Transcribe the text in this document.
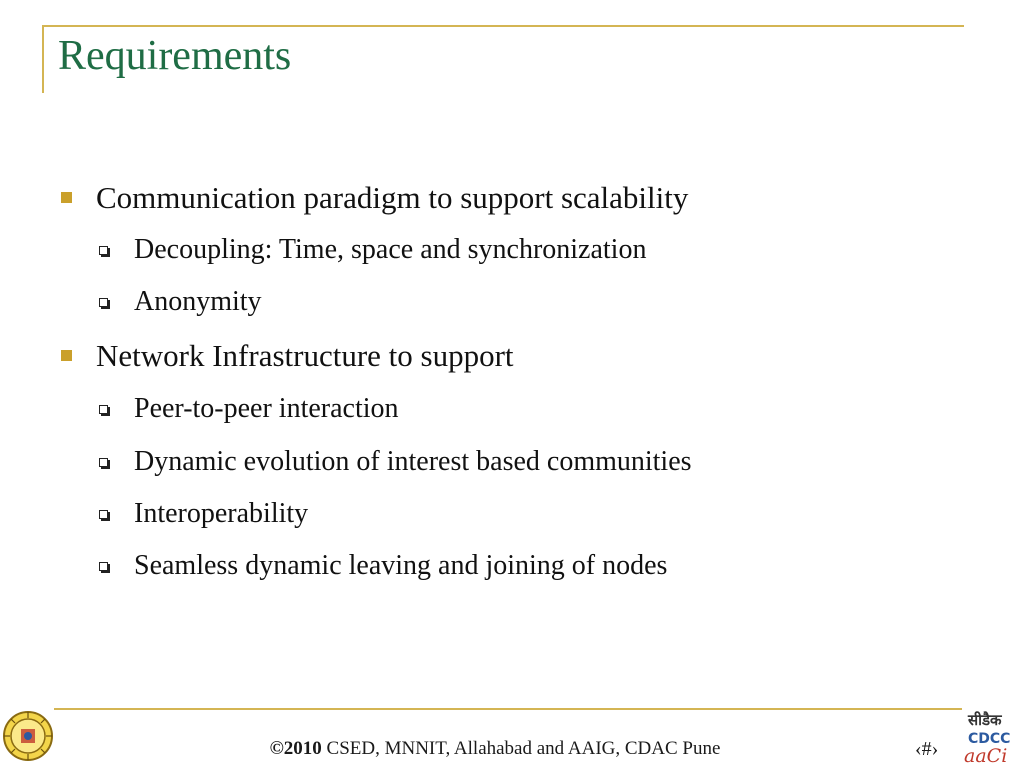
Requirements
Communication paradigm to support scalability
Decoupling: Time, space and synchronization
Anonymity
Network Infrastructure to support
Peer-to-peer interaction
Dynamic evolution of interest based communities
Interoperability
Seamless dynamic leaving and joining of nodes
©2010 CSED, MNNIT, Allahabad and AAIG, CDAC Pune	‹#›
सीडैक
CDCC
aaCi
